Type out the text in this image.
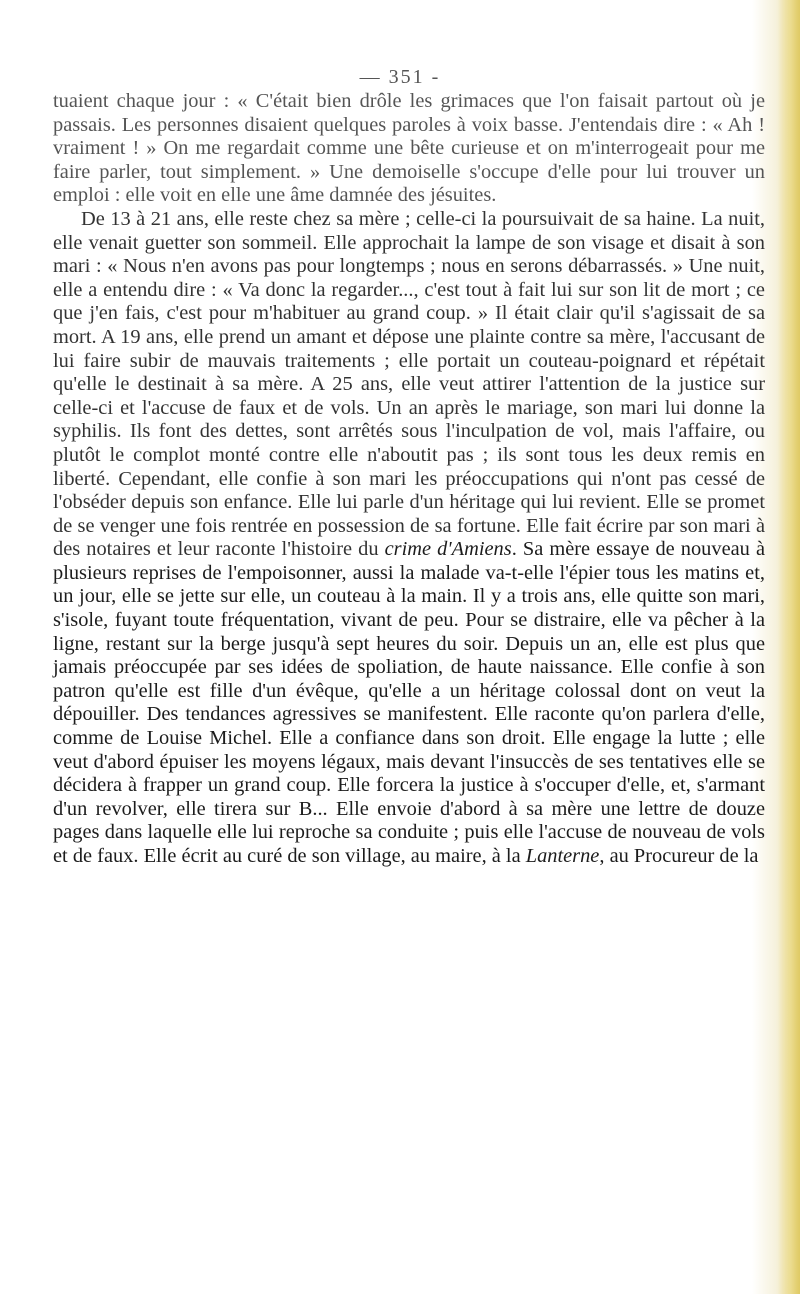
— 351 -

tuaient chaque jour : « C'était bien drôle les grimaces que l'on faisait partout où je passais. Les personnes disaient quelques paroles à voix basse. J'entendais dire : « Ah ! vraiment ! » On me regardait comme une bête curieuse et on m'interrogeait pour me faire parler, tout simplement. » Une demoiselle s'occupe d'elle pour lui trouver un emploi : elle voit en elle une âme damnée des jésuites.

De 13 à 21 ans, elle reste chez sa mère ; celle-ci la poursuivait de sa haine. La nuit, elle venait guetter son sommeil. Elle approchait la lampe de son visage et disait à son mari : « Nous n'en avons pas pour longtemps ; nous en serons débarrassés. » Une nuit, elle a entendu dire : « Va donc la regarder..., c'est tout à fait lui sur son lit de mort ; ce que j'en fais, c'est pour m'habituer au grand coup. » Il était clair qu'il s'agissait de sa mort. A 19 ans, elle prend un amant et dépose une plainte contre sa mère, l'accusant de lui faire subir de mauvais traitements ; elle portait un couteau-poignard et répétait qu'elle le destinait à sa mère. A 25 ans, elle veut attirer l'attention de la justice sur celle-ci et l'accuse de faux et de vols. Un an après le mariage, son mari lui donne la syphilis. Ils font des dettes, sont arrêtés sous l'inculpation de vol, mais l'affaire, ou plutôt le complot monté contre elle n'aboutit pas ; ils sont tous les deux remis en liberté. Cependant, elle confie à son mari les préoccupations qui n'ont pas cessé de l'obséder depuis son enfance. Elle lui parle d'un héritage qui lui revient. Elle se promet de se venger une fois rentrée en possession de sa fortune. Elle fait écrire par son mari à des notaires et leur raconte l'histoire du crime d'Amiens. Sa mère essaye de nouveau à plusieurs reprises de l'empoisonner, aussi la malade va-t-elle l'épier tous les matins et, un jour, elle se jette sur elle, un couteau à la main. Il y a trois ans, elle quitte son mari, s'isole, fuyant toute fréquentation, vivant de peu. Pour se distraire, elle va pêcher à la ligne, restant sur la berge jusqu'à sept heures du soir. Depuis un an, elle est plus que jamais préoccupée par ses idées de spoliation, de haute naissance. Elle confie à son patron qu'elle est fille d'un évêque, qu'elle a un héritage colossal dont on veut la dépouiller. Des tendances agressives se manifestent. Elle raconte qu'on parlera d'elle, comme de Louise Michel. Elle a confiance dans son droit. Elle engage la lutte ; elle veut d'abord épuiser les moyens légaux, mais devant l'insuccès de ses tentatives elle se décidera à frapper un grand coup. Elle forcera la justice à s'occuper d'elle, et, s'armant d'un revolver, elle tirera sur B... Elle envoie d'abord à sa mère une lettre de douze pages dans laquelle elle lui reproche sa conduite ; puis elle l'accuse de nouveau de vols et de faux. Elle écrit au curé de son village, au maire, à la Lanterne, au Procureur de la
